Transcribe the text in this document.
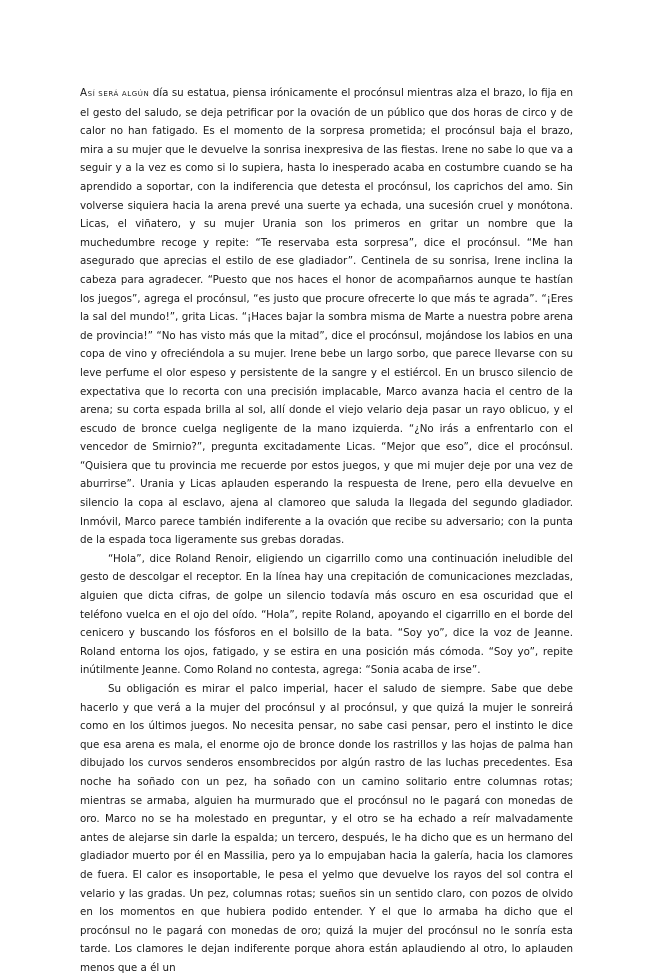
ASÍ SERÁ ALGÚN día su estatua, piensa irónicamente el procónsul mientras alza el brazo, lo fija en el gesto del saludo, se deja petrificar por la ovación de un público que dos horas de circo y de calor no han fatigado. Es el momento de la sorpresa prometida; el procónsul baja el brazo, mira a su mujer que le devuelve la sonrisa inexpresiva de las fiestas. Irene no sabe lo que va a seguir y a la vez es como si lo supiera, hasta lo inesperado acaba en costumbre cuando se ha aprendido a soportar, con la indiferencia que detesta el procónsul, los caprichos del amo. Sin volverse siquiera hacia la arena prevé una suerte ya echada, una sucesión cruel y monótona. Licas, el viñatero, y su mujer Urania son los primeros en gritar un nombre que la muchedumbre recoge y repite: “Te reservaba esta sorpresa”, dice el procónsul. “Me han asegurado que aprecias el estilo de ese gladiador”. Centinela de su sonrisa, Irene inclina la cabeza para agradecer. “Puesto que nos haces el honor de acompañarnos aunque te hastían los juegos”, agrega el procónsul, “es justo que procure ofrecerte lo que más te agrada”. “¡Eres la sal del mundo!”, grita Licas. “¡Haces bajar la sombra misma de Marte a nuestra pobre arena de provincia!” “No has visto más que la mitad”, dice el procónsul, mojándose los labios en una copa de vino y ofreciéndola a su mujer. Irene bebe un largo sorbo, que parece llevarse con su leve perfume el olor espeso y persistente de la sangre y el estiércol. En un brusco silencio de expectativa que lo recorta con una precisión implacable, Marco avanza hacia el centro de la arena; su corta espada brilla al sol, allí donde el viejo velario deja pasar un rayo oblicuo, y el escudo de bronce cuelga negligente de la mano izquierda. “¿No irás a enfrentarlo con el vencedor de Smirnio?”, pregunta excitadamente Licas. “Mejor que eso”, dice el procónsul. “Quisiera que tu provincia me recuerde por estos juegos, y que mi mujer deje por una vez de aburrirse”. Urania y Licas aplauden esperando la respuesta de Irene, pero ella devuelve en silencio la copa al esclavo, ajena al clamoreo que saluda la llegada del segundo gladiador. Inmóvil, Marco parece también indiferente a la ovación que recibe su adversario; con la punta de la espada toca ligeramente sus grebas doradas.

“Hola”, dice Roland Renoir, eligiendo un cigarrillo como una continuación ineludible del gesto de descolgar el receptor. En la línea hay una crepitación de comunicaciones mezcladas, alguien que dicta cifras, de golpe un silencio todavía más oscuro en esa oscuridad que el teléfono vuelca en el ojo del oído. “Hola”, repite Roland, apoyando el cigarrillo en el borde del cenicero y buscando los fósforos en el bolsillo de la bata. “Soy yo”, dice la voz de Jeanne. Roland entorna los ojos, fatigado, y se estira en una posición más cómoda. “Soy yo”, repite inútilmente Jeanne. Como Roland no contesta, agrega: “Sonia acaba de irse”.

Su obligación es mirar el palco imperial, hacer el saludo de siempre. Sabe que debe hacerlo y que verá a la mujer del procónsul y al procónsul, y que quizá la mujer le sonreirá como en los últimos juegos. No necesita pensar, no sabe casi pensar, pero el instinto le dice que esa arena es mala, el enorme ojo de bronce donde los rastrillos y las hojas de palma han dibujado los curvos senderos ensombrecidos por algún rastro de las luchas precedentes. Esa noche ha soñado con un pez, ha soñado con un camino solitario entre columnas rotas; mientras se armaba, alguien ha murmurado que el procónsul no le pagará con monedas de oro. Marco no se ha molestado en preguntar, y el otro se ha echado a reír malvadamente antes de alejarse sin darle la espalda; un tercero, después, le ha dicho que es un hermano del gladiador muerto por él en Massilia, pero ya lo empujaban hacia la galería, hacia los clamores de fuera. El calor es insoportable, le pesa el yelmo que devuelve los rayos del sol contra el velario y las gradas. Un pez, columnas rotas; sueños sin un sentido claro, con pozos de olvido en los momentos en que hubiera podido entender. Y el que lo armaba ha dicho que el procónsul no le pagará con monedas de oro; quizá la mujer del procónsul no le sonría esta tarde. Los clamores le dejan indiferente porque ahora están aplaudiendo al otro, lo aplauden menos que a él un
